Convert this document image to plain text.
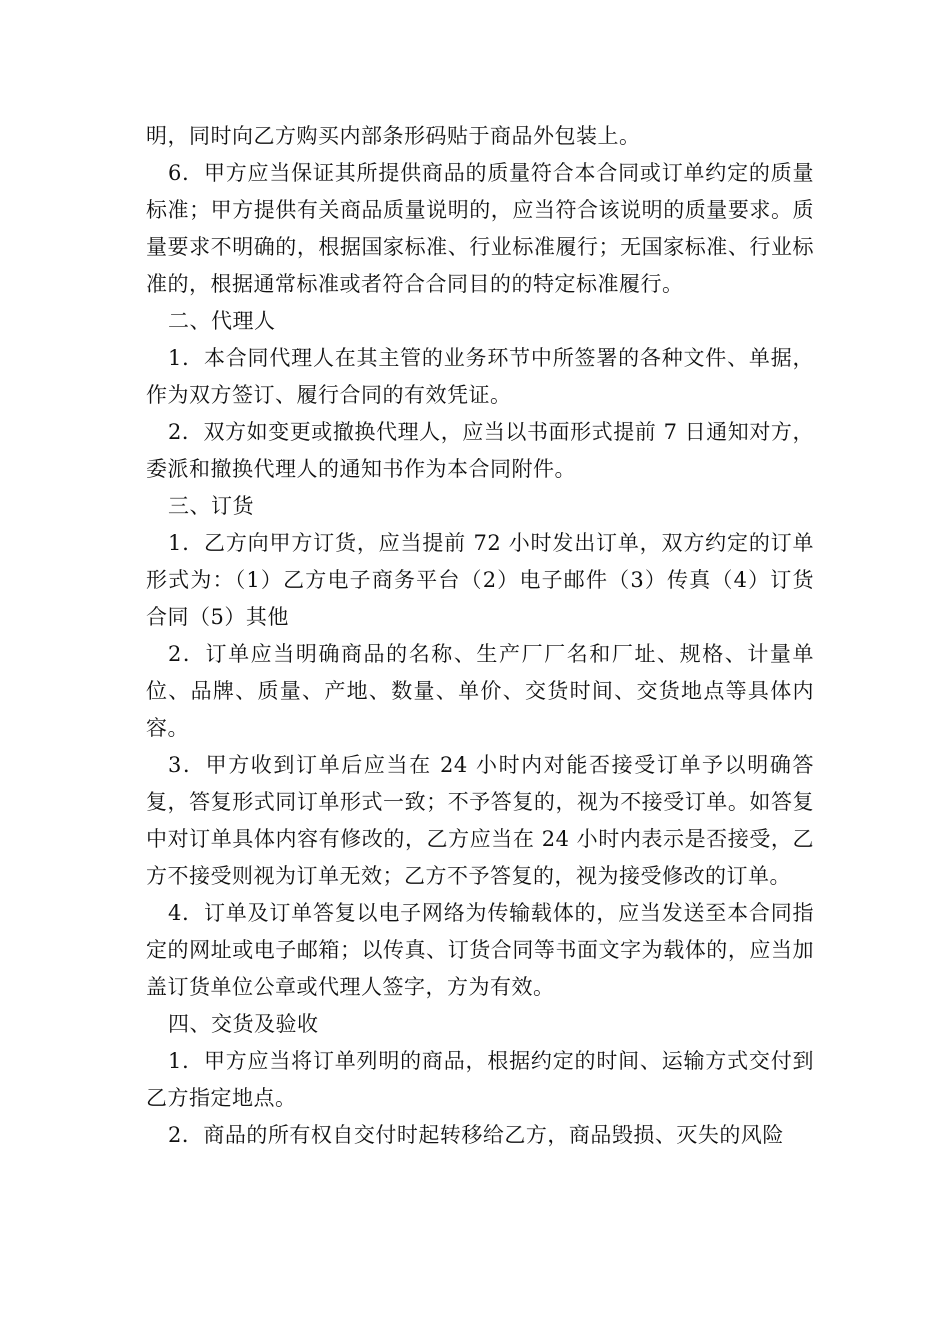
明，同时向乙方购买内部条形码贴于商品外包装上。

6．甲方应当保证其所提供商品的质量符合本合同或订单约定的质量标准；甲方提供有关商品质量说明的，应当符合该说明的质量要求。质量要求不明确的，根据国家标准、行业标准履行；无国家标准、行业标准的，根据通常标准或者符合合同目的的特定标准履行。

二、代理人

1．本合同代理人在其主管的业务环节中所签署的各种文件、单据，作为双方签订、履行合同的有效凭证。

2．双方如变更或撤换代理人，应当以书面形式提前 7 日通知对方，委派和撤换代理人的通知书作为本合同附件。

三、订货

1．乙方向甲方订货，应当提前 72 小时发出订单，双方约定的订单形式为：（1）乙方电子商务平台（2）电子邮件（3）传真（4）订货合同（5）其他

2．订单应当明确商品的名称、生产厂厂名和厂址、规格、计量单位、品牌、质量、产地、数量、单价、交货时间、交货地点等具体内容。

3．甲方收到订单后应当在 24 小时内对能否接受订单予以明确答复，答复形式同订单形式一致；不予答复的，视为不接受订单。如答复中对订单具体内容有修改的，乙方应当在 24 小时内表示是否接受，乙方不接受则视为订单无效；乙方不予答复的，视为接受修改的订单。

4．订单及订单答复以电子网络为传输载体的，应当发送至本合同指定的网址或电子邮箱；以传真、订货合同等书面文字为载体的，应当加盖订货单位公章或代理人签字，方为有效。

四、交货及验收

1．甲方应当将订单列明的商品，根据约定的时间、运输方式交付到乙方指定地点。

2．商品的所有权自交付时起转移给乙方，商品毁损、灭失的风险
